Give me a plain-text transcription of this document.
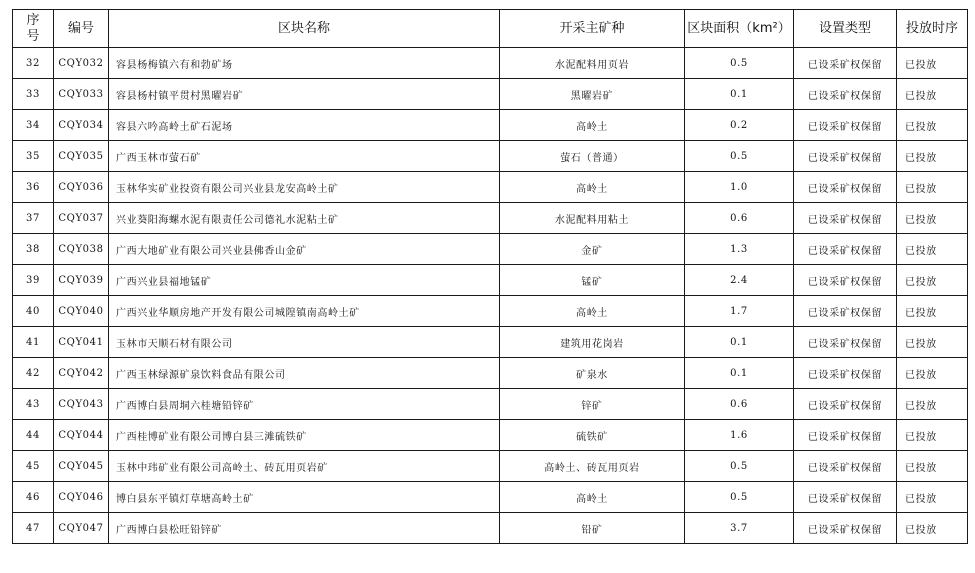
序号	编号	区块名称	开采主矿种	区块面积（km²）	设置类型	投放时序
32	CQY032	容县杨梅镇六有和勃矿场	水泥配料用页岩	0.5	已设采矿权保留	已投放
33	CQY033	容县杨村镇平贯村黑曜岩矿	黑曜岩矿	0.1	已设采矿权保留	已投放
34	CQY034	容县六吟高岭土矿石泥场	高岭土	0.2	已设采矿权保留	已投放
35	CQY035	广西玉林市萤石矿	萤石（普通）	0.5	已设采矿权保留	已投放
36	CQY036	玉林华实矿业投资有限公司兴业县龙安高岭土矿	高岭土	1.0	已设采矿权保留	已投放
37	CQY037	兴业葵阳海螺水泥有限责任公司德礼水泥粘土矿	水泥配料用粘土	0.6	已设采矿权保留	已投放
38	CQY038	广西大地矿业有限公司兴业县佛香山金矿	金矿	1.3	已设采矿权保留	已投放
39	CQY039	广西兴业县福地锰矿	锰矿	2.4	已设采矿权保留	已投放
40	CQY040	广西兴业华顺房地产开发有限公司城隍镇南高岭土矿	高岭土	1.7	已设采矿权保留	已投放
41	CQY041	玉林市天顺石材有限公司	建筑用花岗岩	0.1	已设采矿权保留	已投放
42	CQY042	广西玉林绿源矿泉饮料食品有限公司	矿泉水	0.1	已设采矿权保留	已投放
43	CQY043	广西博白县周垌六桂塘铅锌矿	锌矿	0.6	已设采矿权保留	已投放
44	CQY044	广西桂博矿业有限公司博白县三滩硫铁矿	硫铁矿	1.6	已设采矿权保留	已投放
45	CQY045	玉林中玮矿业有限公司高岭土、砖瓦用页岩矿	高岭土、砖瓦用页岩	0.5	已设采矿权保留	已投放
46	CQY046	博白县东平镇灯草塘高岭土矿	高岭土	0.5	已设采矿权保留	已投放
47	CQY047	广西博白县松旺铅锌矿	铅矿	3.7	已设采矿权保留	已投放
